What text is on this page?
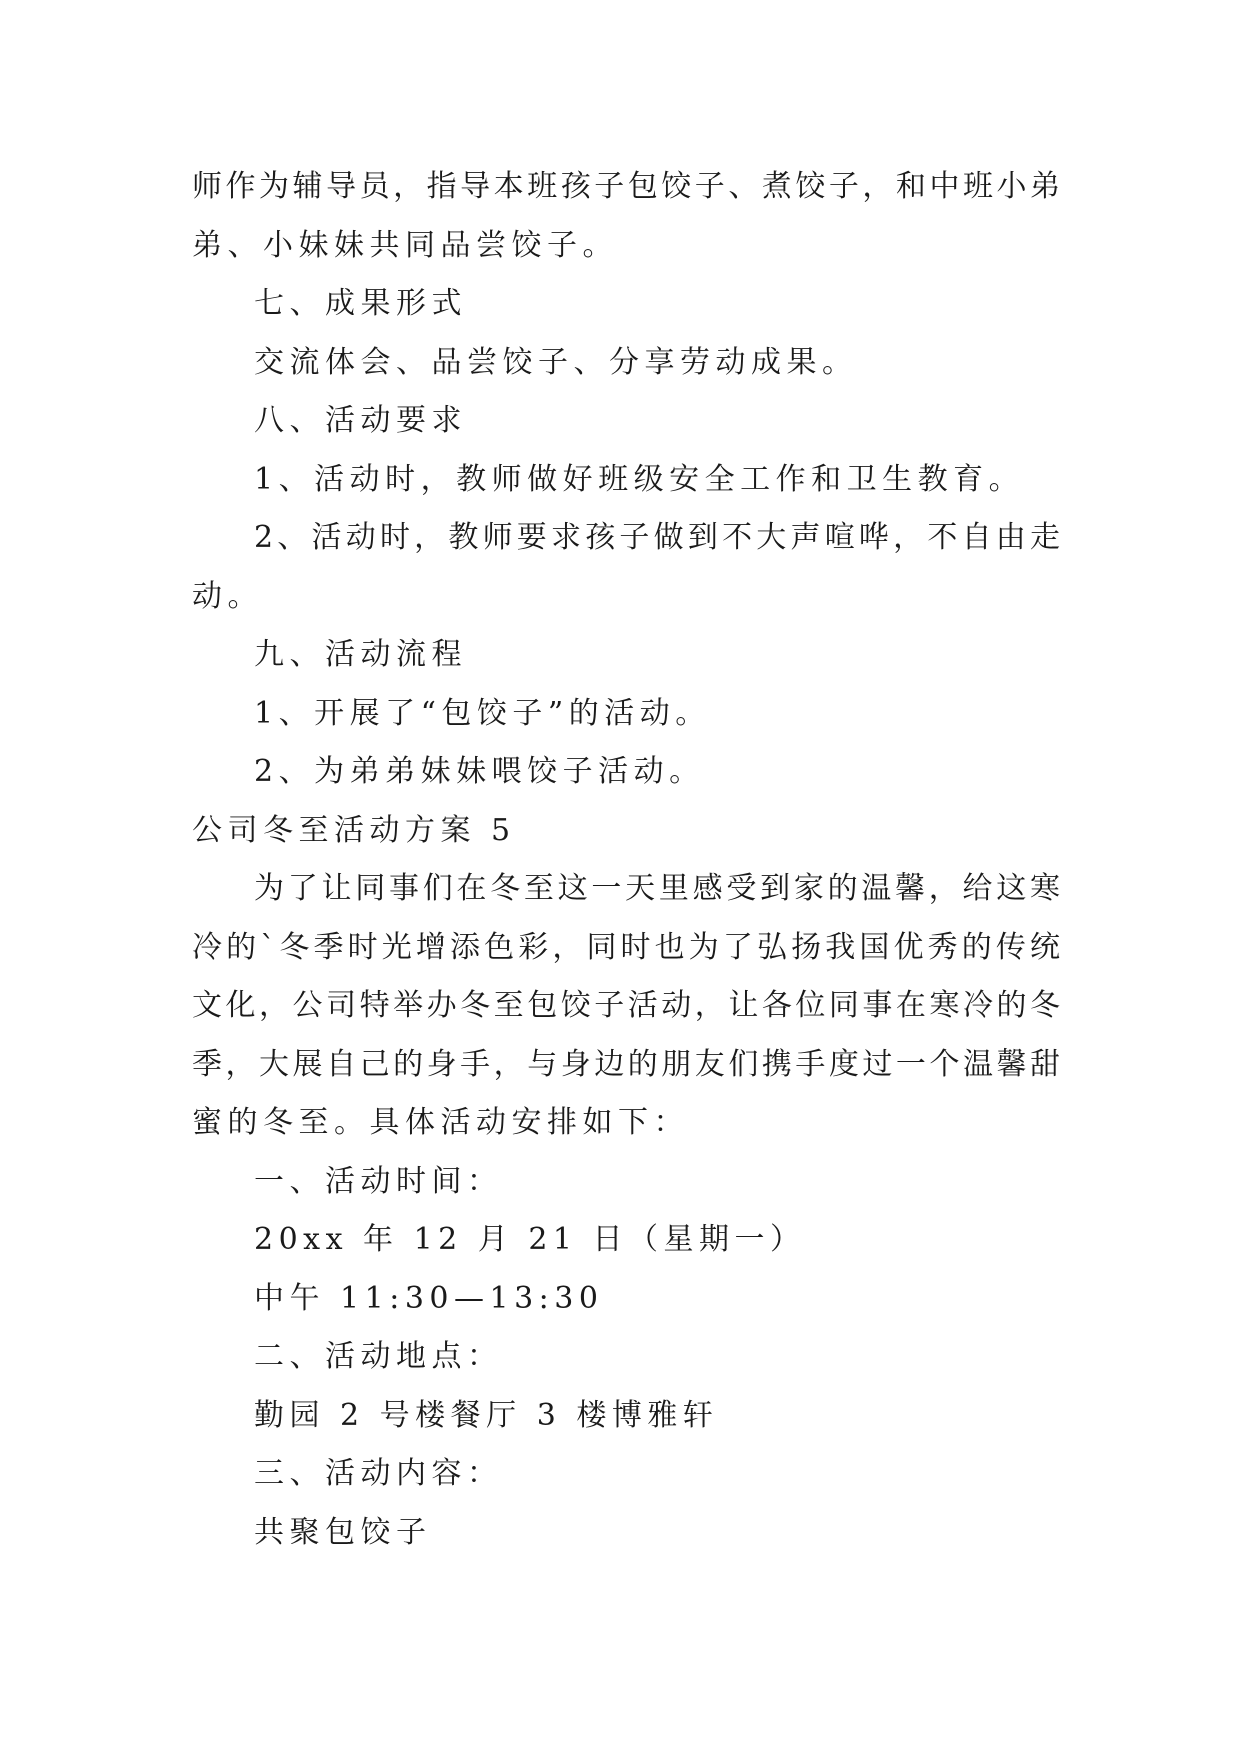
师作为辅导员，指导本班孩子包饺子、煮饺子，和中班小弟
弟、小妹妹共同品尝饺子。
七、成果形式
交流体会、品尝饺子、分享劳动成果。
八、活动要求
1、活动时，教师做好班级安全工作和卫生教育。
2、活动时，教师要求孩子做到不大声喧哗，不自由走
动。
九、活动流程
1、开展了“包饺子”的活动。
2、为弟弟妹妹喂饺子活动。
公司冬至活动方案 5
为了让同事们在冬至这一天里感受到家的温馨，给这寒
冷的`冬季时光增添色彩，同时也为了弘扬我国优秀的传统
文化，公司特举办冬至包饺子活动，让各位同事在寒冷的冬
季，大展自己的身手，与身边的朋友们携手度过一个温馨甜
蜜的冬至。具体活动安排如下：
一、活动时间：
20xx 年 12 月 21 日（星期一）
中午 11:30—13:30
二、活动地点：
勤园 2 号楼餐厅 3 楼博雅轩
三、活动内容：
共聚包饺子
